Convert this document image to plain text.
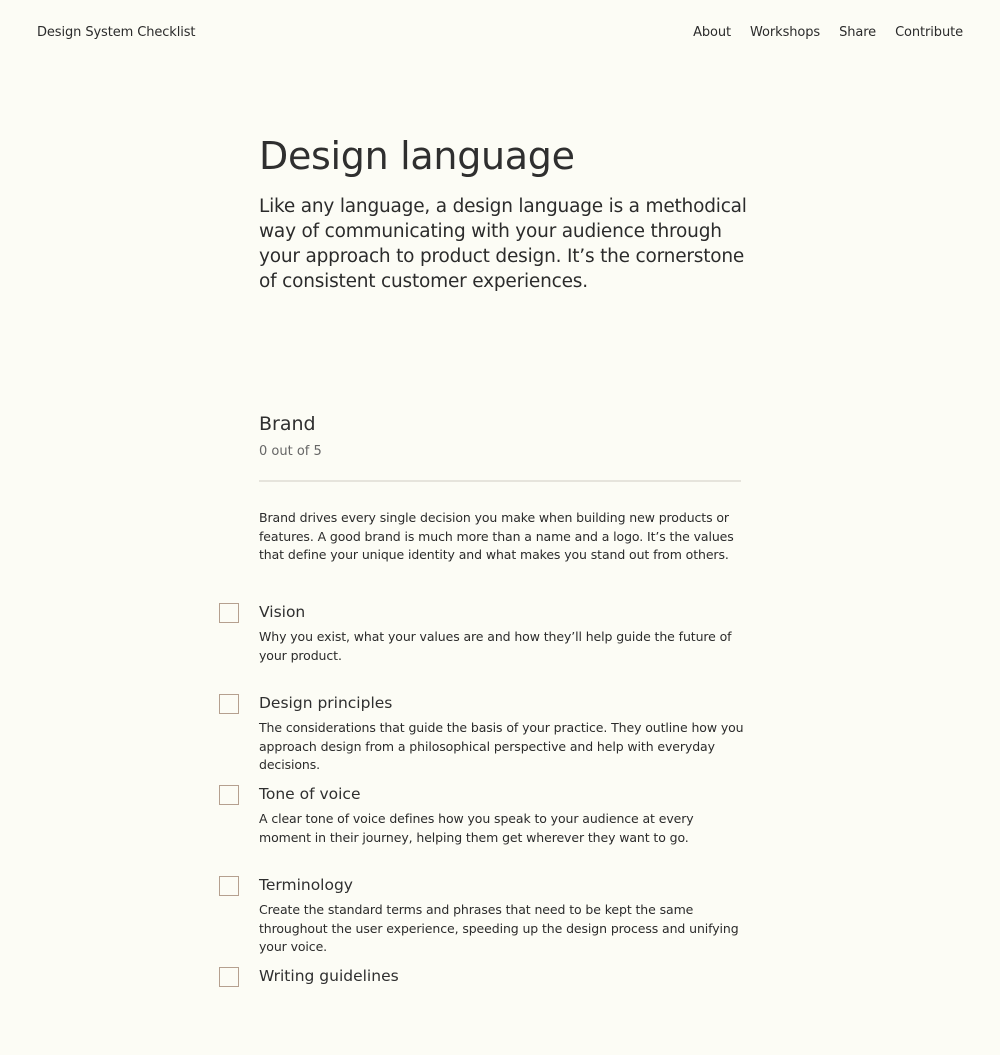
Design System Checklist	About Workshops Share Contribute
Design language

Like any language, a design language is a methodical way of communicating with your audience through your approach to product design. It’s the cornerstone of consistent customer experiences.

Brand
0 out of 5

Brand drives every single decision you make when building new products or features. A good brand is much more than a name and a logo. It’s the values that define your unique identity and what makes you stand out from others.

Vision

Why you exist, what your values are and how they’ll help guide the future of your product.

Design principles

The considerations that guide the basis of your practice. They outline how you approach design from a philosophical perspective and help with everyday decisions.

Tone of voice

A clear tone of voice defines how you speak to your audience at every moment in their journey, helping them get wherever they want to go.

Terminology

Create the standard terms and phrases that need to be kept the same throughout the user experience, speeding up the design process and unifying your voice.

Writing guidelines
